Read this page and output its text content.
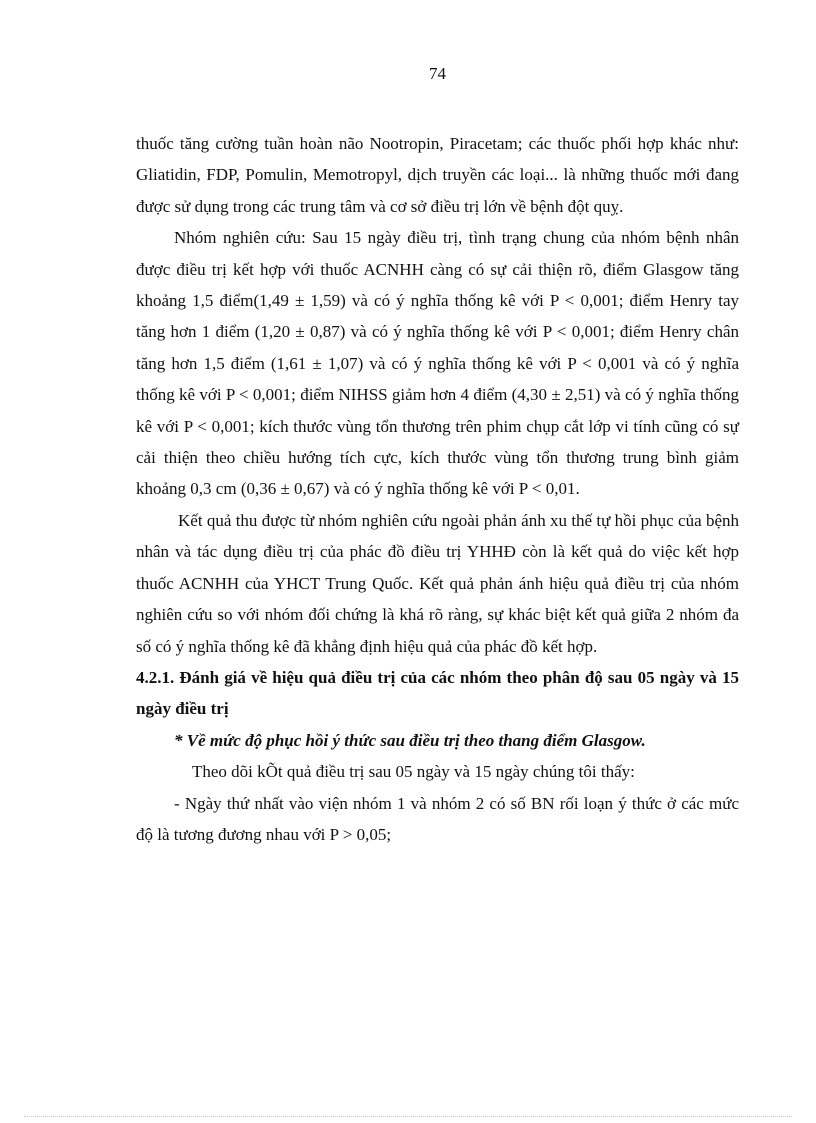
74

thuốc tăng cường tuần hoàn não Nootropin, Piracetam; các thuốc phối hợp khác như: Gliatidin, FDP, Pomulin, Memotropyl, dịch truyền các loại... là những thuốc mới đang được sử dụng trong các trung tâm và cơ sở điều trị lớn về bệnh đột quỵ.

Nhóm nghiên cứu: Sau 15 ngày điều trị, tình trạng chung của nhóm bệnh nhân được điều trị kết hợp với thuốc ACNHH càng có sự cải thiện rõ, điểm Glasgow tăng khoảng 1,5 điểm(1,49 ± 1,59) và có ý nghĩa thống kê với P < 0,001; điểm Henry tay tăng hơn 1 điểm (1,20 ± 0,87) và có ý nghĩa thống kê với P < 0,001; điểm Henry chân tăng hơn 1,5 điểm (1,61 ± 1,07) và có ý nghĩa thống kê với P < 0,001 và có ý nghĩa thống kê với P < 0,001; điểm NIHSS giảm hơn 4 điểm (4,30 ± 2,51) và có ý nghĩa thống kê với P < 0,001; kích thước vùng tổn thương trên phim chụp cắt lớp vi tính cũng có sự cải thiện theo chiều hướng tích cực, kích thước vùng tổn thương trung bình giảm khoảng 0,3 cm (0,36 ± 0,67) và có ý nghĩa thống kê với P < 0,01.

Kết quả thu được từ nhóm nghiên cứu ngoài phản ánh xu thế tự hồi phục của bệnh nhân và tác dụng điều trị của phác đồ điều trị YHHĐ còn là kết quả do việc kết hợp thuốc ACNHH của YHCT Trung Quốc. Kết quả phản ánh hiệu quả điều trị của nhóm nghiên cứu so với nhóm đối chứng là khá rõ ràng, sự khác biệt kết quả giữa 2 nhóm đa số có ý nghĩa thống kê đã khẳng định hiệu quả của phác đồ kết hợp.

4.2.1. Đánh giá về hiệu quả điều trị của các nhóm theo phân độ sau 05 ngày và 15 ngày điều trị

* Về mức độ phục hồi ý thức sau điều trị theo thang điểm Glasgow.

Theo dõi kÕt quả điều trị sau 05 ngày và 15 ngày chúng tôi thấy:

- Ngày thứ nhất vào viện nhóm 1 và nhóm 2 có số BN rối loạn ý thức ở các mức độ là tương đương nhau với P > 0,05;
